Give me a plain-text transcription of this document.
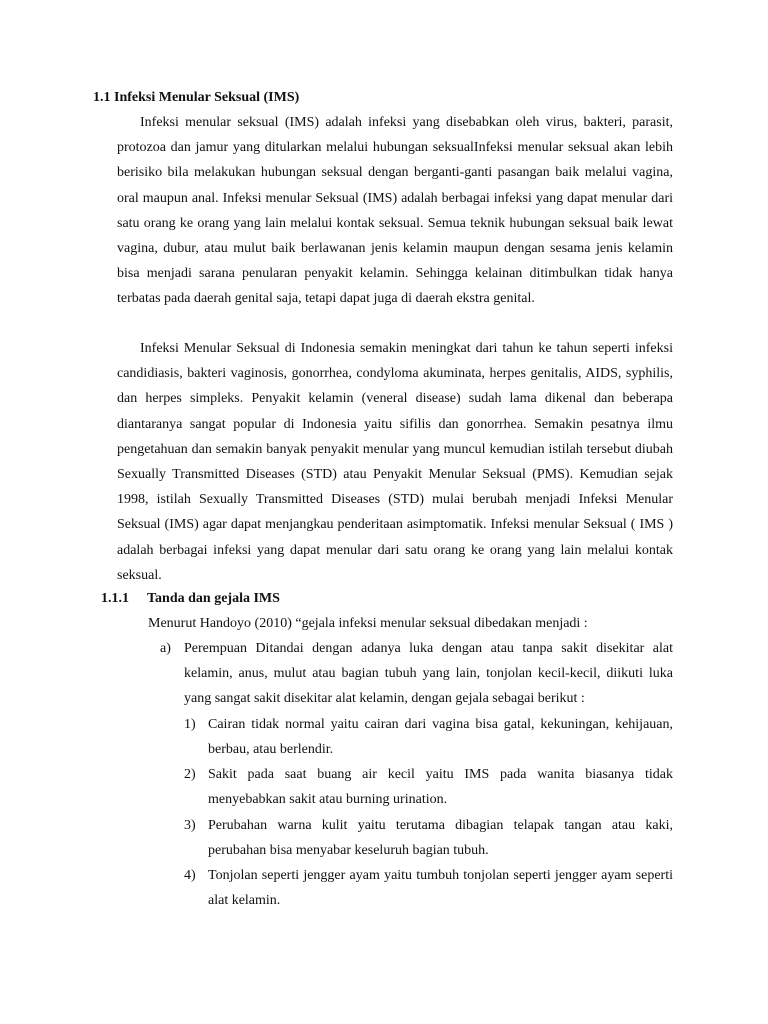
1.1 Infeksi Menular Seksual (IMS)

Infeksi menular seksual (IMS) adalah infeksi yang disebabkan oleh virus, bakteri, parasit, protozoa dan jamur yang ditularkan melalui hubungan seksualInfeksi menular seksual akan lebih berisiko bila melakukan hubungan seksual dengan berganti-ganti pasangan baik melalui vagina, oral maupun anal. Infeksi menular Seksual (IMS) adalah berbagai infeksi yang dapat menular dari satu orang ke orang yang lain melalui kontak seksual. Semua teknik hubungan seksual baik lewat vagina, dubur, atau mulut baik berlawanan jenis kelamin maupun dengan sesama jenis kelamin bisa menjadi sarana penularan penyakit kelamin. Sehingga kelainan ditimbulkan tidak hanya terbatas pada daerah genital saja, tetapi dapat juga di daerah ekstra genital.

Infeksi Menular Seksual di Indonesia semakin meningkat dari tahun ke tahun seperti infeksi candidiasis, bakteri vaginosis, gonorrhea, condyloma akuminata, herpes genitalis, AIDS, syphilis, dan herpes simpleks. Penyakit kelamin (veneral disease) sudah lama dikenal dan beberapa diantaranya sangat popular di Indonesia yaitu sifilis dan gonorrhea. Semakin pesatnya ilmu pengetahuan dan semakin banyak penyakit menular yang muncul kemudian istilah tersebut diubah Sexually Transmitted Diseases (STD) atau Penyakit Menular Seksual (PMS). Kemudian sejak 1998, istilah Sexually Transmitted Diseases (STD) mulai berubah menjadi Infeksi Menular Seksual (IMS) agar dapat menjangkau penderitaan asimptomatik. Infeksi menular Seksual ( IMS ) adalah berbagai infeksi yang dapat menular dari satu orang ke orang yang lain melalui kontak seksual.

1.1.1 Tanda dan gejala IMS
Menurut Handoyo (2010) “gejala infeksi menular seksual dibedakan menjadi :
a) Perempuan Ditandai dengan adanya luka dengan atau tanpa sakit disekitar alat kelamin, anus, mulut atau bagian tubuh yang lain, tonjolan kecil-kecil, diikuti luka yang sangat sakit disekitar alat kelamin, dengan gejala sebagai berikut :
1) Cairan tidak normal yaitu cairan dari vagina bisa gatal, kekuningan, kehijauan, berbau, atau berlendir.
2) Sakit pada saat buang air kecil yaitu IMS pada wanita biasanya tidak menyebabkan sakit atau burning urination.
3) Perubahan warna kulit yaitu terutama dibagian telapak tangan atau kaki, perubahan bisa menyabar keseluruh bagian tubuh.
4) Tonjolan seperti jengger ayam yaitu tumbuh tonjolan seperti jengger ayam seperti alat kelamin.
